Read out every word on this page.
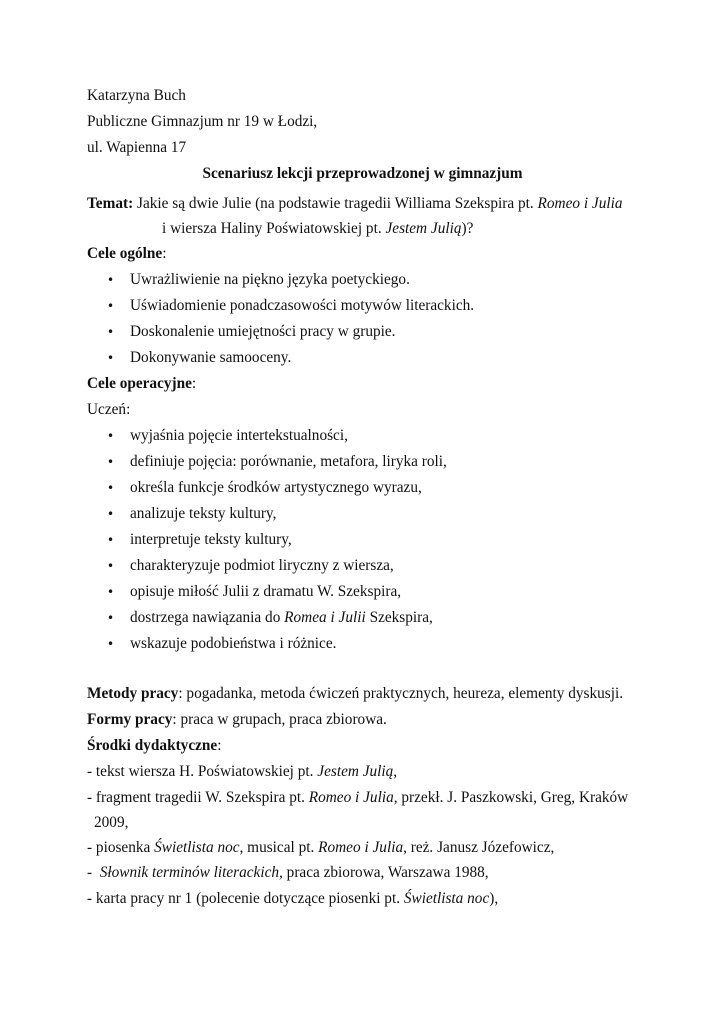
Katarzyna Buch
Publiczne Gimnazjum nr 19 w Łodzi,
ul. Wapienna 17
Scenariusz lekcji przeprowadzonej w gimnazjum
Temat: Jakie są dwie Julie (na podstawie tragedii Williama Szekspira pt. Romeo i Julia
i wiersza Haliny Poświatowskiej pt. Jestem Julią)?
Cele ogólne:
• Uwrażliwienie na piękno języka poetyckiego.
• Uświadomienie ponadczasowości motywów literackich.
• Doskonalenie umiejętności pracy w grupie.
• Dokonywanie samooceny.
Cele operacyjne:
Uczeń:
• wyjaśnia pojęcie intertekstualności,
• definiuje pojęcia: porównanie, metafora, liryka roli,
• określa funkcje środków artystycznego wyrazu,
• analizuje teksty kultury,
• interpretuje teksty kultury,
• charakteryzuje podmiot liryczny z wiersza,
• opisuje miłość Julii z dramatu W. Szekspira,
• dostrzega nawiązania do Romea i Julii Szekspira,
• wskazuje podobieństwa i różnice.
Metody pracy: pogadanka, metoda ćwiczeń praktycznych, heureza, elementy dyskusji.
Formy pracy: praca w grupach, praca zbiorowa.
Środki dydaktyczne:
- tekst wiersza H. Poświatowskiej pt. Jestem Julią,
- fragment tragedii W. Szekspira pt. Romeo i Julia, przekł. J. Paszkowski, Greg, Kraków
2009,
- piosenka Świetlista noc, musical pt. Romeo i Julia, reż. Janusz Józefowicz,
-  Słownik terminów literackich, praca zbiorowa, Warszawa 1988,
- karta pracy nr 1 (polecenie dotyczące piosenki pt. Świetlista noc),
